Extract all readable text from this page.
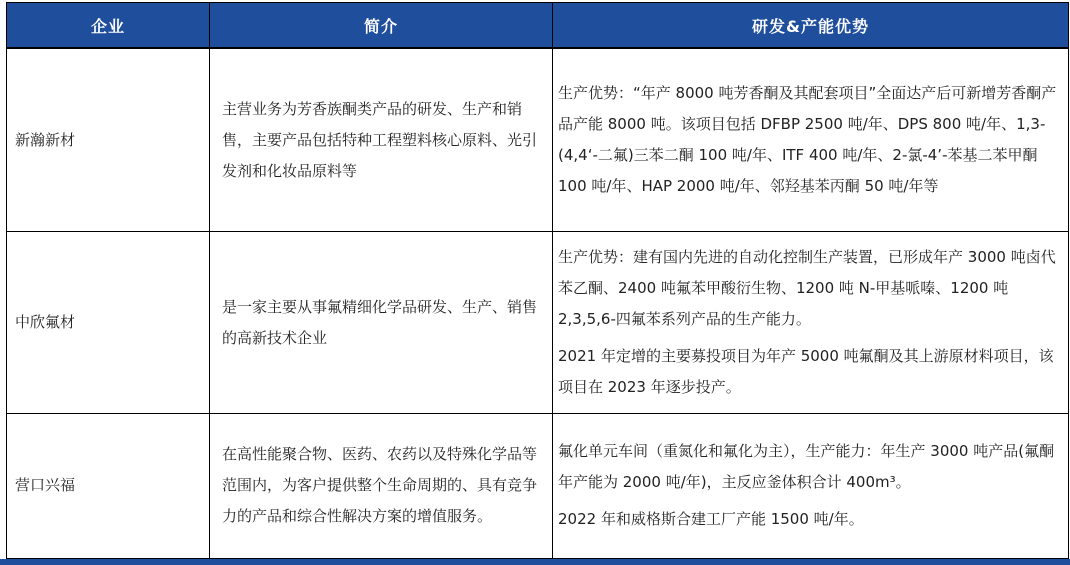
企业	简介	研发&产能优势
新瀚新材	主营业务为芳香族酮类产品的研发、生产和销售，主要产品包括特种工程塑料核心原料、光引发剂和化妆品原料等	生产优势：“年产 8000 吨芳香酮及其配套项目”全面达产后可新增芳香酮产品产能 8000 吨。该项目包括 DFBP 2500 吨/年、DPS 800 吨/年、1,3-(4,4‘-二氟)三苯二酮 100 吨/年、ITF 400 吨/年、2-氯-4’-苯基二苯甲酮 100 吨/年、HAP 2000 吨/年、邻羟基苯丙酮 50 吨/年等

中欣氟材	是一家主要从事氟精细化学品研发、生产、销售的高新技术企业	生产优势：建有国内先进的自动化控制生产装置，已形成年产 3000 吨卤代苯乙酮、2400 吨氟苯甲酸衍生物、1200 吨 N-甲基哌嗪、1200 吨 2,3,5,6-四氟苯系列产品的生产能力。

2021 年定增的主要募投项目为年产 5000 吨氟酮及其上游原材料项目，该项目在 2023 年逐步投产。

营口兴福	在高性能聚合物、医药、农药以及特殊化学品等范围内，为客户提供整个生命周期的、具有竞争力的产品和综合性解决方案的增值服务。	氟化单元车间（重氮化和氟化为主），生产能力：年生产 3000 吨产品(氟酮年产能为 2000 吨/年)，主反应釜体积合计 400m³。

2022 年和威格斯合建工厂产能 1500 吨/年。
